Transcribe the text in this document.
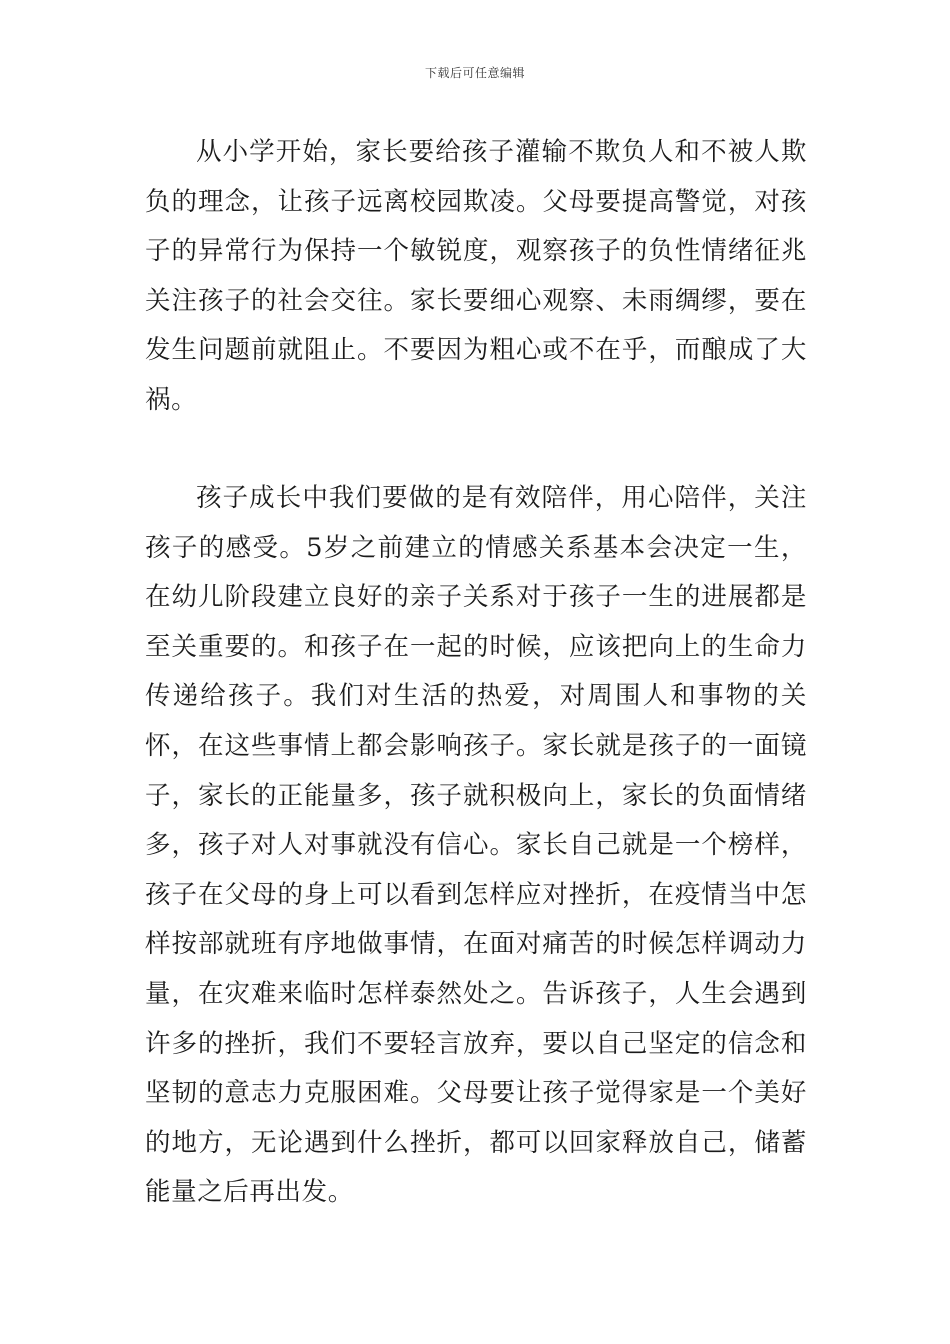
下载后可任意编辑

从小学开始，家长要给孩子灌输不欺负人和不被人欺负的理念，让孩子远离校园欺凌。父母要提高警觉，对孩子的异常行为保持一个敏锐度，观察孩子的负性情绪征兆关注孩子的社会交往。家长要细心观察、未雨绸缪，要在发生问题前就阻止。不要因为粗心或不在乎，而酿成了大祸。

孩子成长中我们要做的是有效陪伴，用心陪伴，关注孩子的感受。5岁之前建立的情感关系基本会决定一生，在幼儿阶段建立良好的亲子关系对于孩子一生的进展都是至关重要的。和孩子在一起的时候，应该把向上的生命力传递给孩子。我们对生活的热爱，对周围人和事物的关怀，在这些事情上都会影响孩子。家长就是孩子的一面镜子，家长的正能量多，孩子就积极向上，家长的负面情绪多，孩子对人对事就没有信心。家长自己就是一个榜样，孩子在父母的身上可以看到怎样应对挫折，在疫情当中怎样按部就班有序地做事情，在面对痛苦的时候怎样调动力量，在灾难来临时怎样泰然处之。告诉孩子，人生会遇到许多的挫折，我们不要轻言放弃，要以自己坚定的信念和坚韧的意志力克服困难。父母要让孩子觉得家是一个美好的地方，无论遇到什么挫折，都可以回家释放自己，储蓄能量之后再出发。
